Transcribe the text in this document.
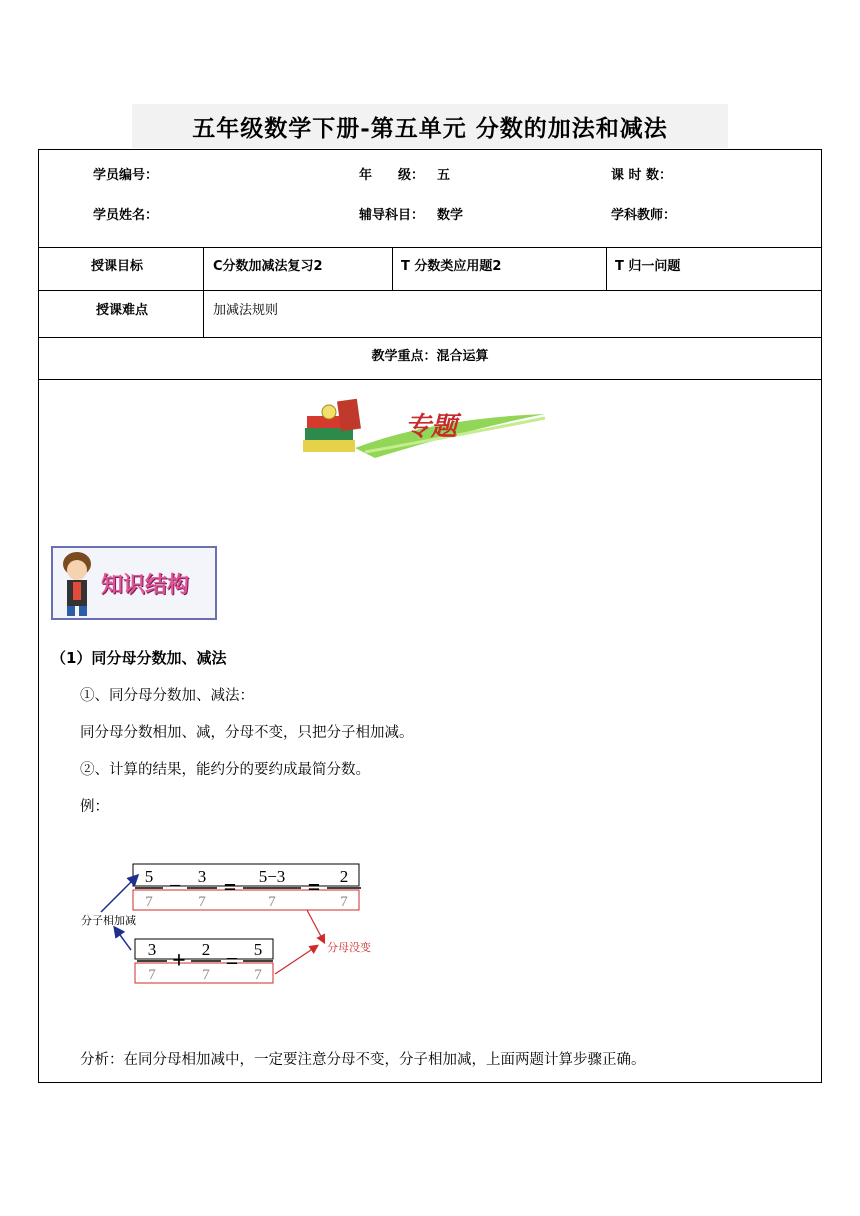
五年级数学下册-第五单元 分数的加法和减法
学员编号：	年　　级： 五	课 时 数：
学员姓名：	辅导科目： 数学	学科教师：
授课目标	C分数加减法复习2	T 分数类应用题2	T 归一问题
授课难点	加减法规则
教学重点：混合运算
专题
知识结构
（1）同分母分数加、减法
①、同分母分数加、减法：
同分母分数相加、减，分母不变，只把分子相加减。
②、计算的结果，能约分的要约成最简分数。
例：
5
7
− 3
7
= 5−3
7
= 2
7
3
7
+ 2
7
= 5
7
分子相加减
分母没变
分析：在同分母相加减中，一定要注意分母不变，分子相加减，上面两题计算步骤正确。
